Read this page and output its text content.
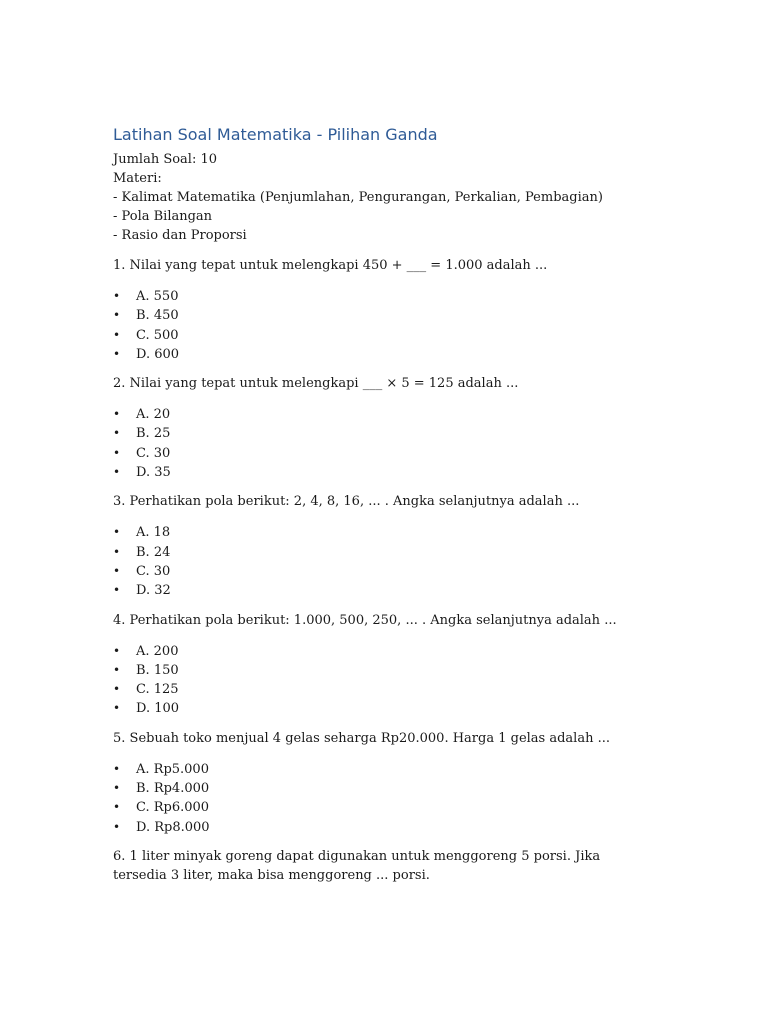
Latihan Soal Matematika - Pilihan Ganda

Jumlah Soal: 10

Materi:

- Kalimat Matematika (Penjumlahan, Pengurangan, Perkalian, Pembagian)

- Pola Bilangan

- Rasio dan Proporsi

1. Nilai yang tepat untuk melengkapi 450 + ___ = 1.000 adalah ...

• A. 550
• B. 450
• C. 500
• D. 600

2. Nilai yang tepat untuk melengkapi ___ × 5 = 125 adalah ...

• A. 20
• B. 25
• C. 30
• D. 35

3. Perhatikan pola berikut: 2, 4, 8, 16, ... . Angka selanjutnya adalah ...

• A. 18
• B. 24
• C. 30
• D. 32

4. Perhatikan pola berikut: 1.000, 500, 250, ... . Angka selanjutnya adalah ...

• A. 200
• B. 150
• C. 125
• D. 100

5. Sebuah toko menjual 4 gelas seharga Rp20.000. Harga 1 gelas adalah ...

• A. Rp5.000
• B. Rp4.000
• C. Rp6.000
• D. Rp8.000

6. 1 liter minyak goreng dapat digunakan untuk menggoreng 5 porsi. Jika tersedia 3 liter, maka bisa menggoreng ... porsi.
